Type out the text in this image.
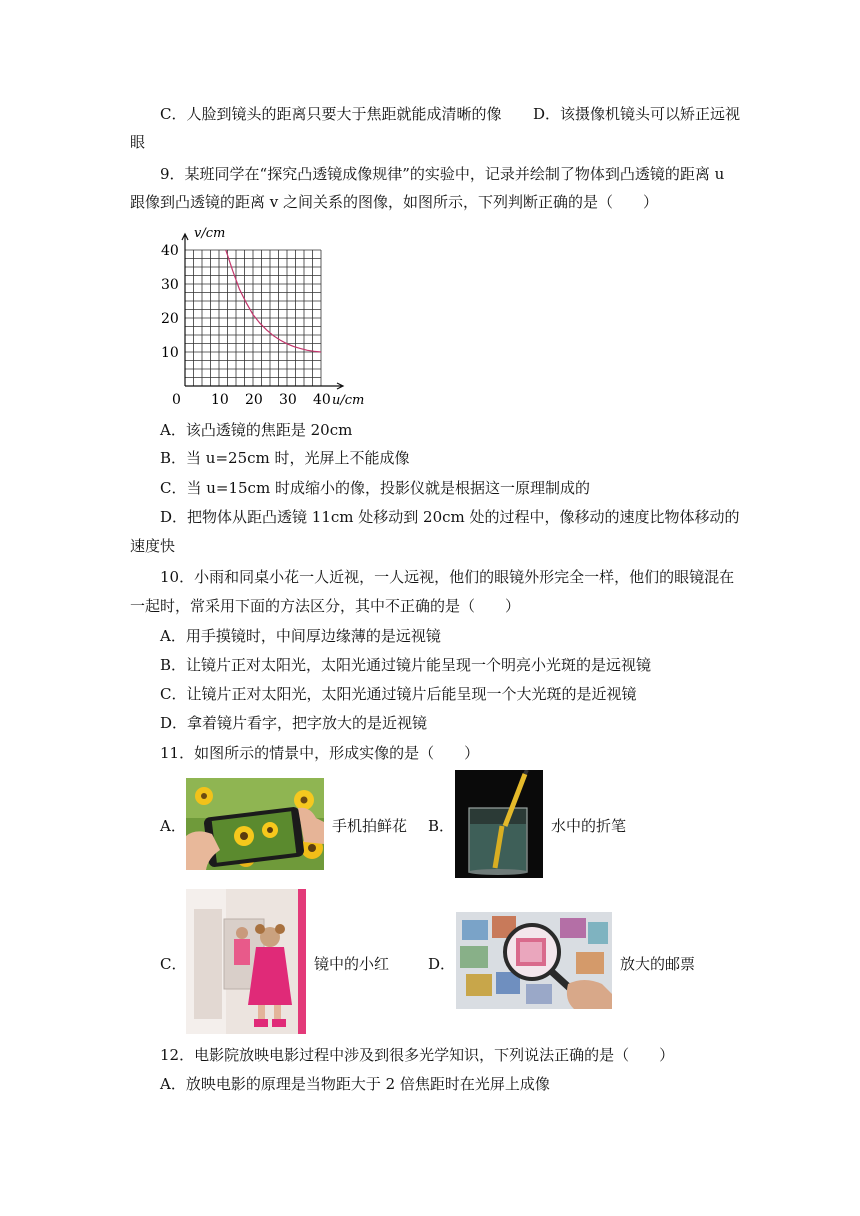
C．人脸到镜头的距离只要大于焦距就能成清晰的像 D．该摄像机镜头可以矫正远视
眼
9．某班同学在“探究凸透镜成像规律”的实验中，记录并绘制了物体到凸透镜的距离 u
跟像到凸透镜的距离 v 之间关系的图像，如图所示，下列判断正确的是（　　）
10 20 30 40
10
20
30
40
v/cm
u/cm
0
A．该凸透镜的焦距是 20cm
B．当 u=25cm 时，光屏上不能成像
C．当 u=15cm 时成缩小的像，投影仪就是根据这一原理制成的
D．把物体从距凸透镜 11cm 处移动到 20cm 处的过程中，像移动的速度比物体移动的
速度快
10．小雨和同桌小花一人近视，一人远视，他们的眼镜外形完全一样，他们的眼镜混在
一起时，常采用下面的方法区分，其中不正确的是（　　）
A．用手摸镜时，中间厚边缘薄的是远视镜
B．让镜片正对太阳光，太阳光通过镜片能呈现一个明亮小光斑的是远视镜
C．让镜片正对太阳光，太阳光通过镜片后能呈现一个大光斑的是近视镜
D．拿着镜片看字，把字放大的是近视镜
11．如图所示的情景中，形成实像的是（　　）
A．	手机拍鲜花 B．	水中的折笔
C．	镜中的小红	D．	放大的邮票
12．电影院放映电影过程中涉及到很多光学知识，下列说法正确的是（　　）
A．放映电影的原理是当物距大于 2 倍焦距时在光屏上成像
